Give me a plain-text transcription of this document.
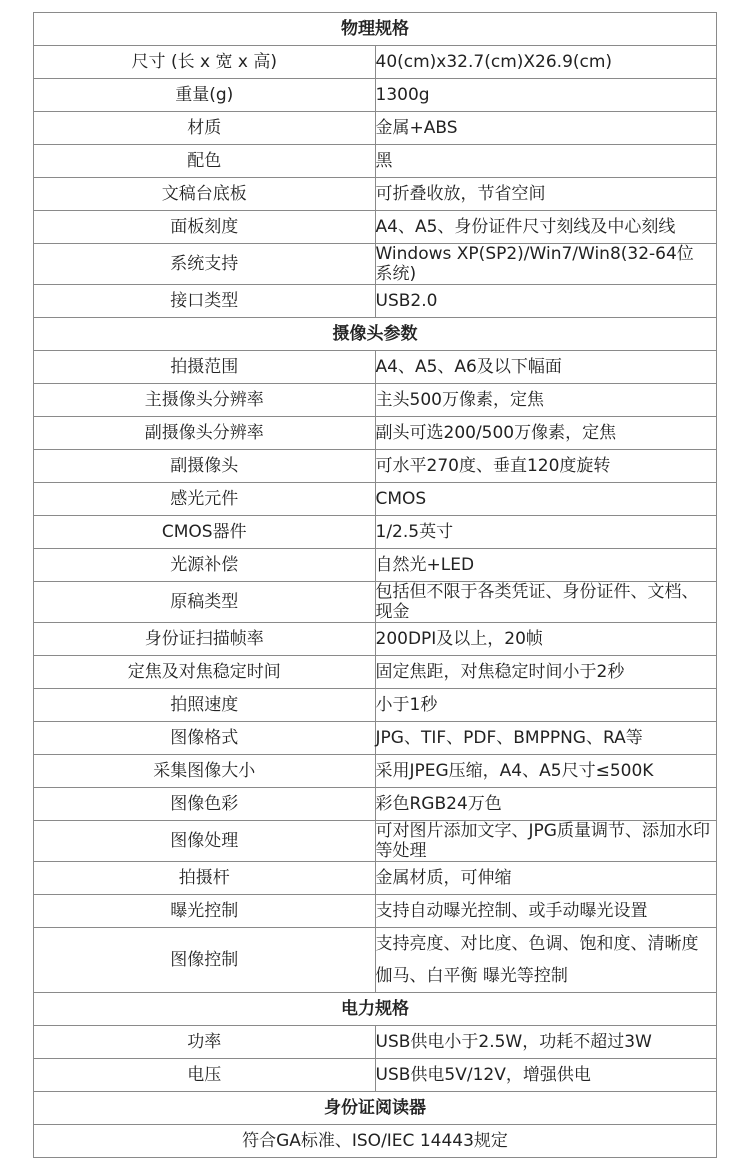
物理规格	
尺寸 (长 x 宽 x 高)	40(cm)x32.7(cm)X26.9(cm)
重量(g)	1300g
材质	金属+ABS
配色	黑
文稿台底板	可折叠收放，节省空间
面板刻度	A4、A5、身份证件尺寸刻线及中心刻线
系统支持	Windows XP(SP2)/Win7/Win8(32-64位 系统)
接口类型	USB2.0
摄像头参数	
拍摄范围	A4、A5、A6及以下幅面
主摄像头分辨率	主头500万像素，定焦
副摄像头分辨率	副头可选200/500万像素，定焦
副摄像头	可水平270度、垂直120度旋转
感光元件	CMOS
CMOS器件	1/2.5英寸
光源补偿	自然光+LED
原稿类型	包括但不限于各类凭证、身份证件、文档、 现金
身份证扫描帧率	200DPI及以上，20帧
定焦及对焦稳定时间	固定焦距，对焦稳定时间小于2秒
拍照速度	小于1秒
图像格式	JPG、TIF、PDF、BMPPNG、RA等
采集图像大小	采用JPEG压缩，A4、A5尺寸≤500K
图像色彩	彩色RGB24万色
图像处理	可对图片添加文字、JPG质量调节、添加水印 等处理
拍摄杆	金属材质，可伸缩
曝光控制	支持自动曝光控制、或手动曝光设置
图像控制	支持亮度、对比度、色调、饱和度、清晰度 伽马、白平衡 曝光等控制
电力规格	
功率	USB供电小于2.5W，功耗不超过3W
电压	USB供电5V/12V，增强供电
身份证阅读器	
符合GA标准、ISO/IEC 14443规定	
